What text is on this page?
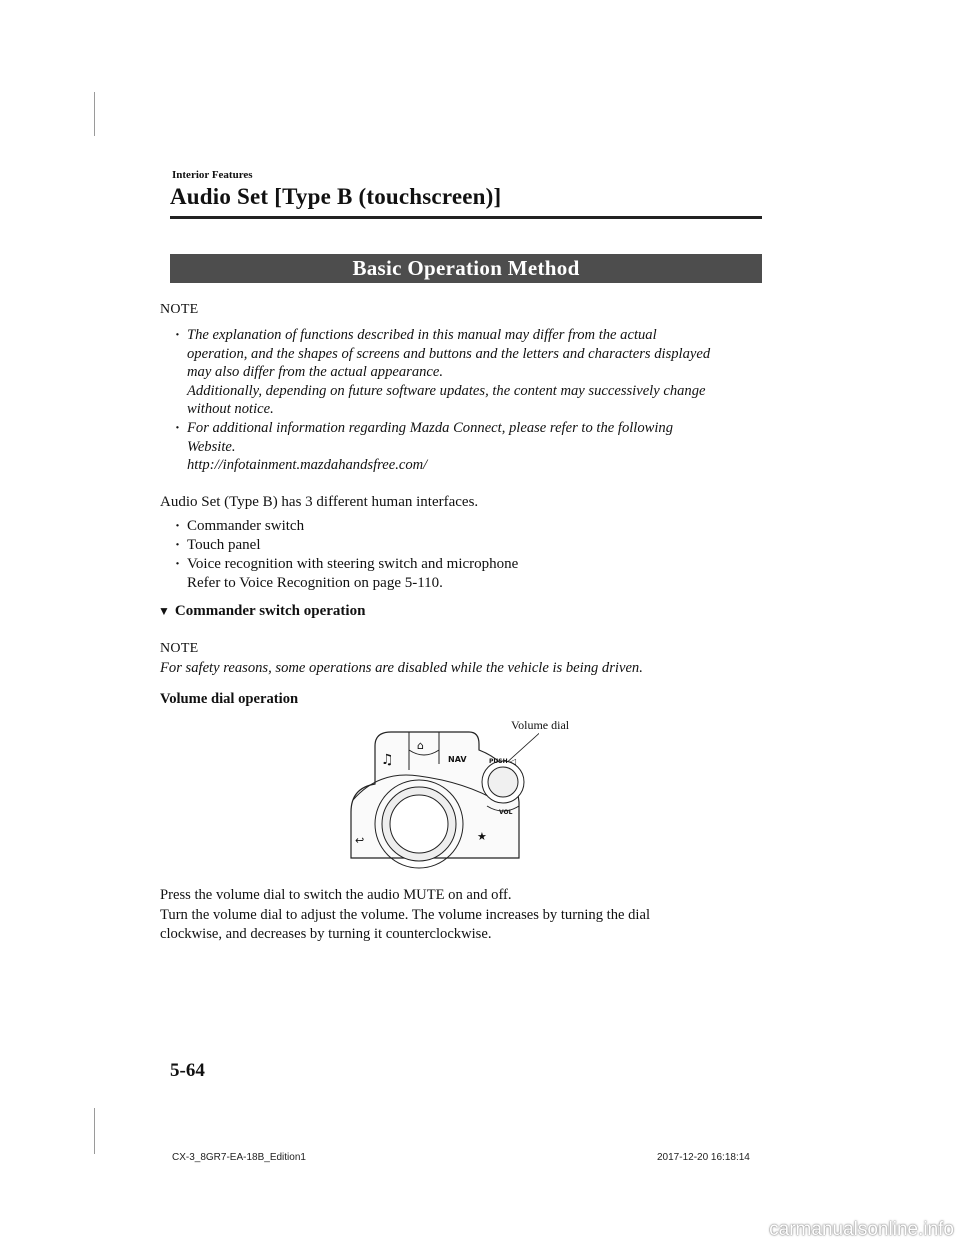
Interior Features
Audio Set [Type B (touchscreen)]
Basic Operation Method
NOTE
· The explanation of functions described in this manual may differ from the actual
operation, and the shapes of screens and buttons and the letters and characters displayed
may also differ from the actual appearance.
Additionally, depending on future software updates, the content may successively change
without notice.
· For additional information regarding Mazda Connect, please refer to the following
Website.
http://infotainment.mazdahandsfree.com/
Audio Set (Type B) has 3 different human interfaces.
· Commander switch
· Touch panel
· Voice recognition with steering switch and microphone
Refer to Voice Recognition on page 5-110.
▼ Commander switch operation
NOTE
For safety reasons, some operations are disabled while the vehicle is being driven.
Volume dial operation
Volume dial
♫
⌂
NAV
↩	★
PUSH ◁
VOL
Press the volume dial to switch the audio MUTE on and off.
Turn the volume dial to adjust the volume. The volume increases by turning the dial
clockwise, and decreases by turning it counterclockwise.
5-64
CX-3_8GR7-EA-18B_Edition1	2017-12-20 16:18:14
carmanualsonline.info
